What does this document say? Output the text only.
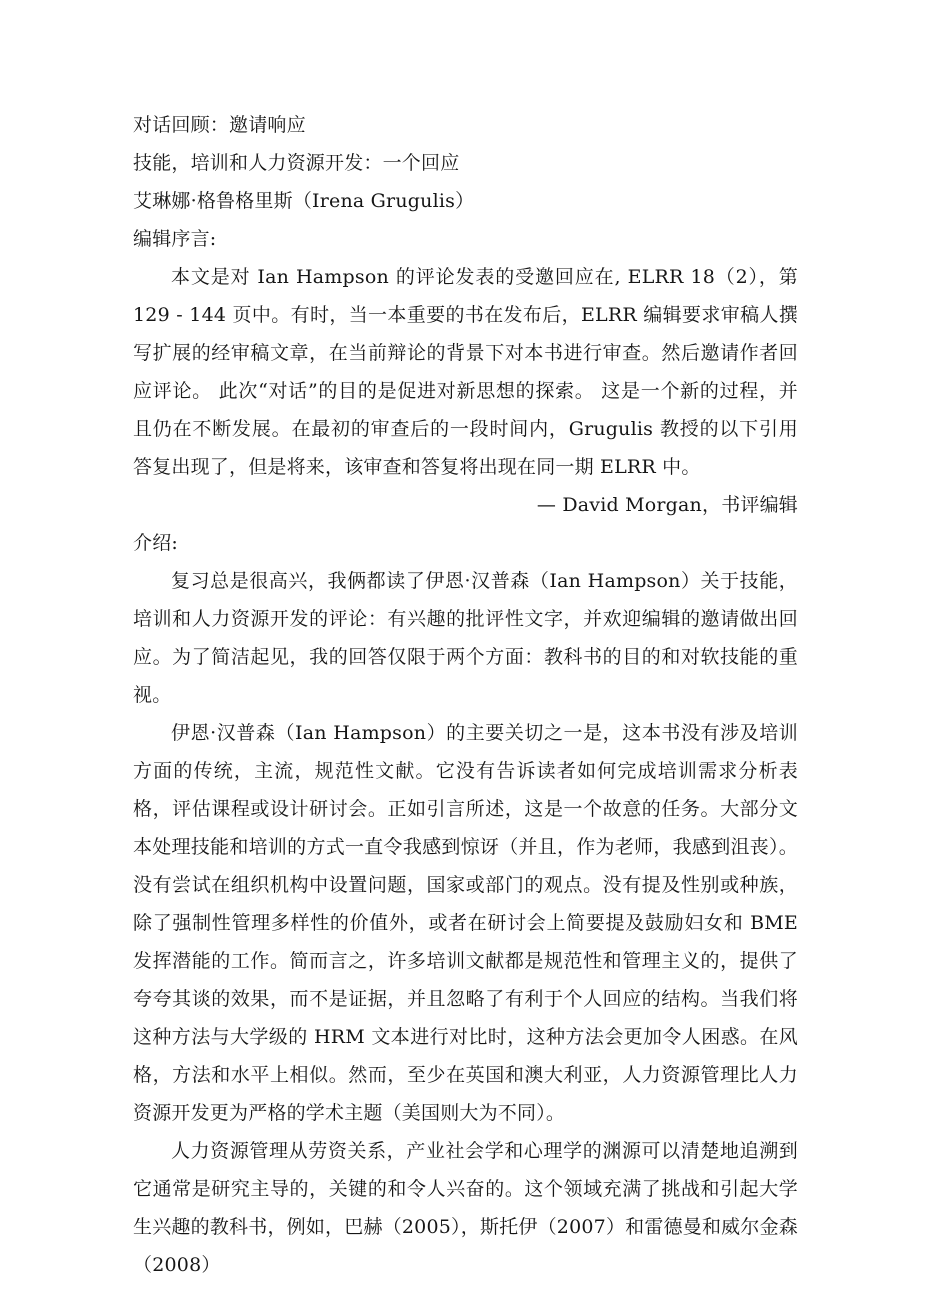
对话回顾：邀请响应
技能，培训和人力资源开发：一个回应
艾琳娜·格鲁格里斯（Irena Grugulis）
编辑序言:

本文是对 Ian Hampson 的评论发表的受邀回应在, ELRR 18（2），第 129 - 144 页中。有时，当一本重要的书在发布后，ELRR 编辑要求审稿人撰写扩展的经审稿文章，在当前辩论的背景下对本书进行审查。然后邀请作者回应评论。 此次“对话”的目的是促进对新思想的探索。 这是一个新的过程，并且仍在不断发展。在最初的审查后的一段时间内，Grugulis 教授的以下引用答复出现了，但是将来，该审查和答复将出现在同一期 ELRR 中。

— David Morgan，书评编辑
介绍:

复习总是很高兴，我俩都读了伊恩·汉普森（Ian Hampson）关于技能，培训和人力资源开发的评论：有兴趣的批评性文字，并欢迎编辑的邀请做出回应。为了简洁起见，我的回答仅限于两个方面：教科书的目的和对软技能的重视。

伊恩·汉普森（Ian Hampson）的主要关切之一是，这本书没有涉及培训方面的传统，主流，规范性文献。它没有告诉读者如何完成培训需求分析表格，评估课程或设计研讨会。正如引言所述，这是一个故意的任务。大部分文本处理技能和培训的方式一直令我感到惊讶（并且，作为老师，我感到沮丧）。没有尝试在组织机构中设置问题，国家或部门的观点。没有提及性别或种族，除了强制性管理多样性的价值外，或者在研讨会上简要提及鼓励妇女和 BME 发挥潜能的工作。简而言之，许多培训文献都是规范性和管理主义的，提供了夸夸其谈的效果，而不是证据，并且忽略了有利于个人回应的结构。当我们将这种方法与大学级的 HRM 文本进行对比时，这种方法会更加令人困惑。在风格，方法和水平上相似。然而，至少在英国和澳大利亚，人力资源管理比人力资源开发更为严格的学术主题（美国则大为不同）。

人力资源管理从劳资关系，产业社会学和心理学的渊源可以清楚地追溯到它通常是研究主导的，关键的和令人兴奋的。这个领域充满了挑战和引起大学生兴趣的教科书，例如，巴赫（2005），斯托伊（2007）和雷德曼和威尔金森（2008）
